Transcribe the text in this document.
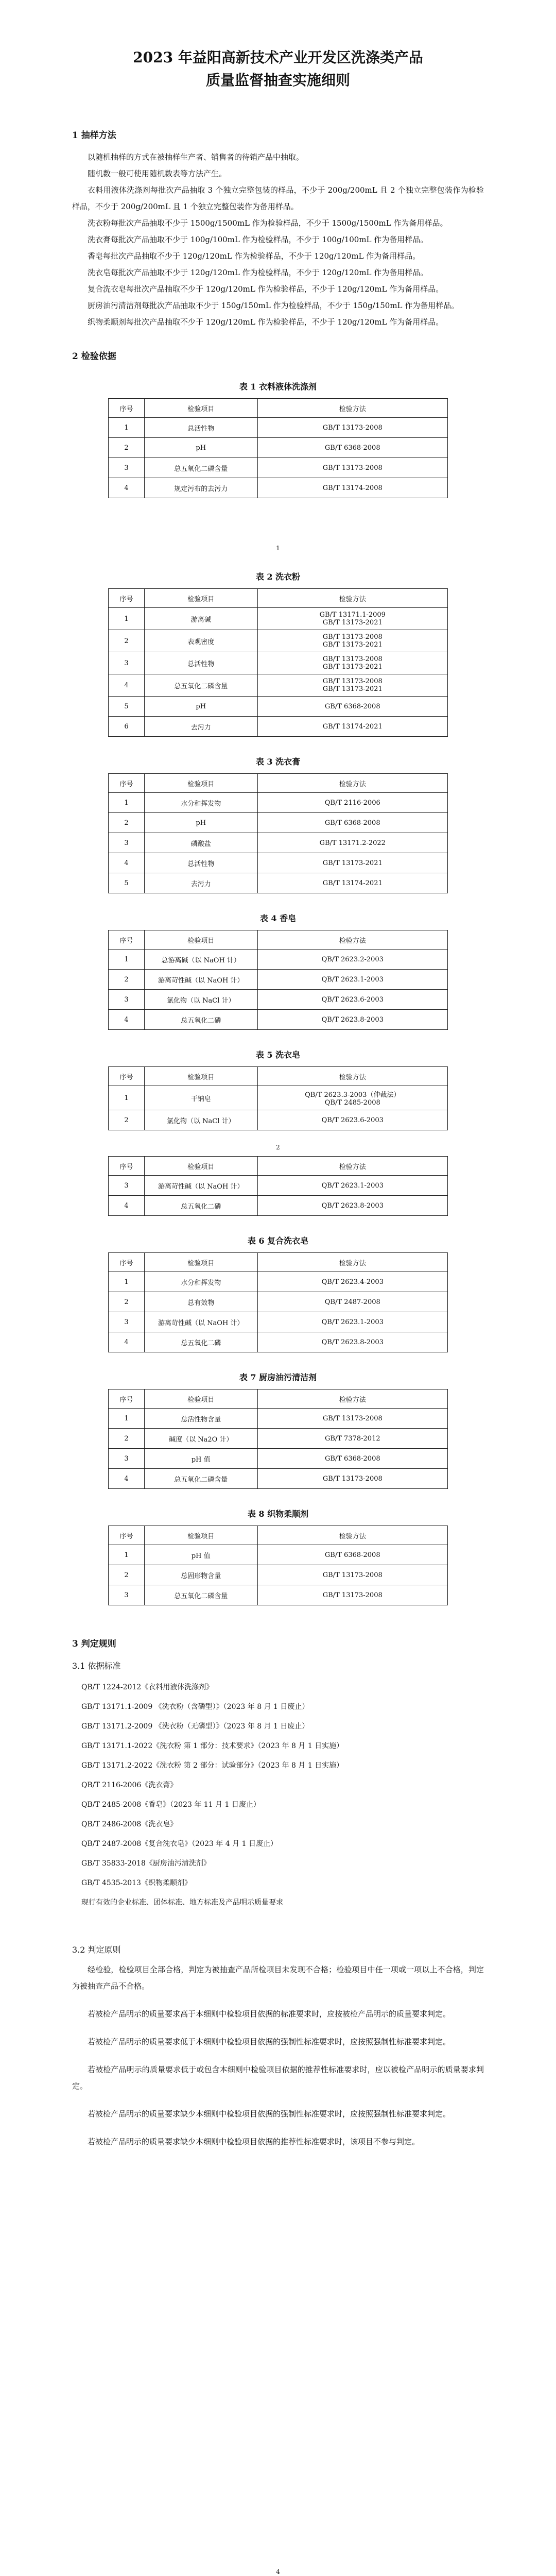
2023 年益阳高新技术产业开发区洗涤类产品
质量监督抽查实施细则
1 抽样方法

以随机抽样的方式在被抽样生产者、销售者的待销产品中抽取。

随机数一般可使用随机数表等方法产生。

衣料用液体洗涤剂每批次产品抽取 3 个独立完整包装的样品，不少于 200g/200mL 且 2 个独立完整包装作为检验样品，不少于 200g/200mL 且 1 个独立完整包装作为备用样品。

洗衣粉每批次产品抽取不少于 1500g/1500mL 作为检验样品，不少于 1500g/1500mL 作为备用样品。

洗衣膏每批次产品抽取不少于 100g/100mL 作为检验样品，不少于 100g/100mL 作为备用样品。

香皂每批次产品抽取不少于 120g/120mL 作为检验样品，不少于 120g/120mL 作为备用样品。

洗衣皂每批次产品抽取不少于 120g/120mL 作为检验样品，不少于 120g/120mL 作为备用样品。

复合洗衣皂每批次产品抽取不少于 120g/120mL 作为检验样品，不少于 120g/120mL 作为备用样品。

厨房油污清洁剂每批次产品抽取不少于 150g/150mL 作为检验样品，不少于 150g/150mL 作为备用样品。

织物柔顺剂每批次产品抽取不少于 120g/120mL 作为检验样品，不少于 120g/120mL 作为备用样品。

2 检验依据
表 1 衣料液体洗涤剂
序号	检验项目	检验方法
1	总活性物	GB/T 13173-2008
2	pH	GB/T 6368-2008
3	总五氧化二磷含量	GB/T 13173-2008
4	规定污布的去污力	GB/T 13174-2008
1
表 2 洗衣粉
序号	检验项目	检验方法
1	游离碱	GB/T 13171.1-2009
GB/T 13173-2021
2	表观密度	GB/T 13173-2008
GB/T 13173-2021
3	总活性物	GB/T 13173-2008
GB/T 13173-2021
4	总五氧化二磷含量	GB/T 13173-2008
GB/T 13173-2021
5	pH	GB/T 6368-2008
6	去污力	GB/T 13174-2021
表 3 洗衣膏
序号	检验项目	检验方法
1	水分和挥发物	QB/T 2116-2006
2	pH	GB/T 6368-2008
3	磷酸盐	GB/T 13171.2-2022
4	总活性物	GB/T 13173-2021
5	去污力	GB/T 13174-2021
表 4 香皂
序号	检验项目	检验方法
1	总游离碱（以 NaOH 计）	QB/T 2623.2-2003
2	游离苛性碱（以 NaOH 计）	QB/T 2623.1-2003
3	氯化物（以 NaCl 计）	QB/T 2623.6-2003
4	总五氧化二磷	QB/T 2623.8-2003
表 5 洗衣皂
序号	检验项目	检验方法
1	干钠皂	QB/T 2623.3-2003（仲裁法）
QB/T 2485-2008
2	氯化物（以 NaCl 计）	QB/T 2623.6-2003
2
序号	检验项目	检验方法
3	游离苛性碱（以 NaOH 计）	QB/T 2623.1-2003
4	总五氧化二磷	QB/T 2623.8-2003
表 6 复合洗衣皂
序号	检验项目	检验方法
1	水分和挥发物	QB/T 2623.4-2003
2	总有效物	QB/T 2487-2008
3	游离苛性碱（以 NaOH 计）	QB/T 2623.1-2003
4	总五氧化二磷	QB/T 2623.8-2003
表 7 厨房油污清洁剂
序号	检验项目	检验方法
1	总活性物含量	GB/T 13173-2008
2	碱度（以 Na2O 计）	GB/T 7378-2012
3	pH 值	GB/T 6368-2008
4	总五氧化二磷含量	GB/T 13173-2008
表 8 织物柔顺剂
序号	检验项目	检验方法
1	pH 值	GB/T 6368-2008
2	总固形物含量	GB/T 13173-2008
3	总五氧化二磷含量	GB/T 13173-2008
3 判定规则
3.1 依据标准
QB/T 1224-2012《衣料用液体洗涤剂》
GB/T 13171.1-2009 《洗衣粉（含磷型）》（2023 年 8 月 1 日废止）
GB/T 13171.2-2009 《洗衣粉（无磷型）》（2023 年 8 月 1 日废止）
GB/T 13171.1-2022《洗衣粉 第 1 部分：技术要求》（2023 年 8 月 1 日实施）
GB/T 13171.2-2022《洗衣粉 第 2 部分：试验部分》（2023 年 8 月 1 日实施）
QB/T 2116-2006《洗衣膏》
QB/T 2485-2008《香皂》（2023 年 11 月 1 日废止）
QB/T 2486-2008《洗衣皂》
QB/T 2487-2008《复合洗衣皂》（2023 年 4 月 1 日废止）
GB/T 35833-2018《厨房油污清洗剂》
GB/T 4535-2013《织物柔顺剂》
现行有效的企业标准、团体标准、地方标准及产品明示质量要求
3.2 判定原则

经检验，检验项目全部合格，判定为被抽查产品所检项目未发现不合格；检验项目中任一项或一项以上不合格，判定为被抽查产品不合格。

若被检产品明示的质量要求高于本细则中检验项目依据的标准要求时，应按被检产品明示的质量要求判定。

若被检产品明示的质量要求低于本细则中检验项目依据的强制性标准要求时，应按照强制性标准要求判定。

若被检产品明示的质量要求低于或包含本细则中检验项目依据的推荐性标准要求时，应以被检产品明示的质量要求判定。

若被检产品明示的质量要求缺少本细则中检验项目依据的强制性标准要求时，应按照强制性标准要求判定。

若被检产品明示的质量要求缺少本细则中检验项目依据的推荐性标准要求时，该项目不参与判定。

4
